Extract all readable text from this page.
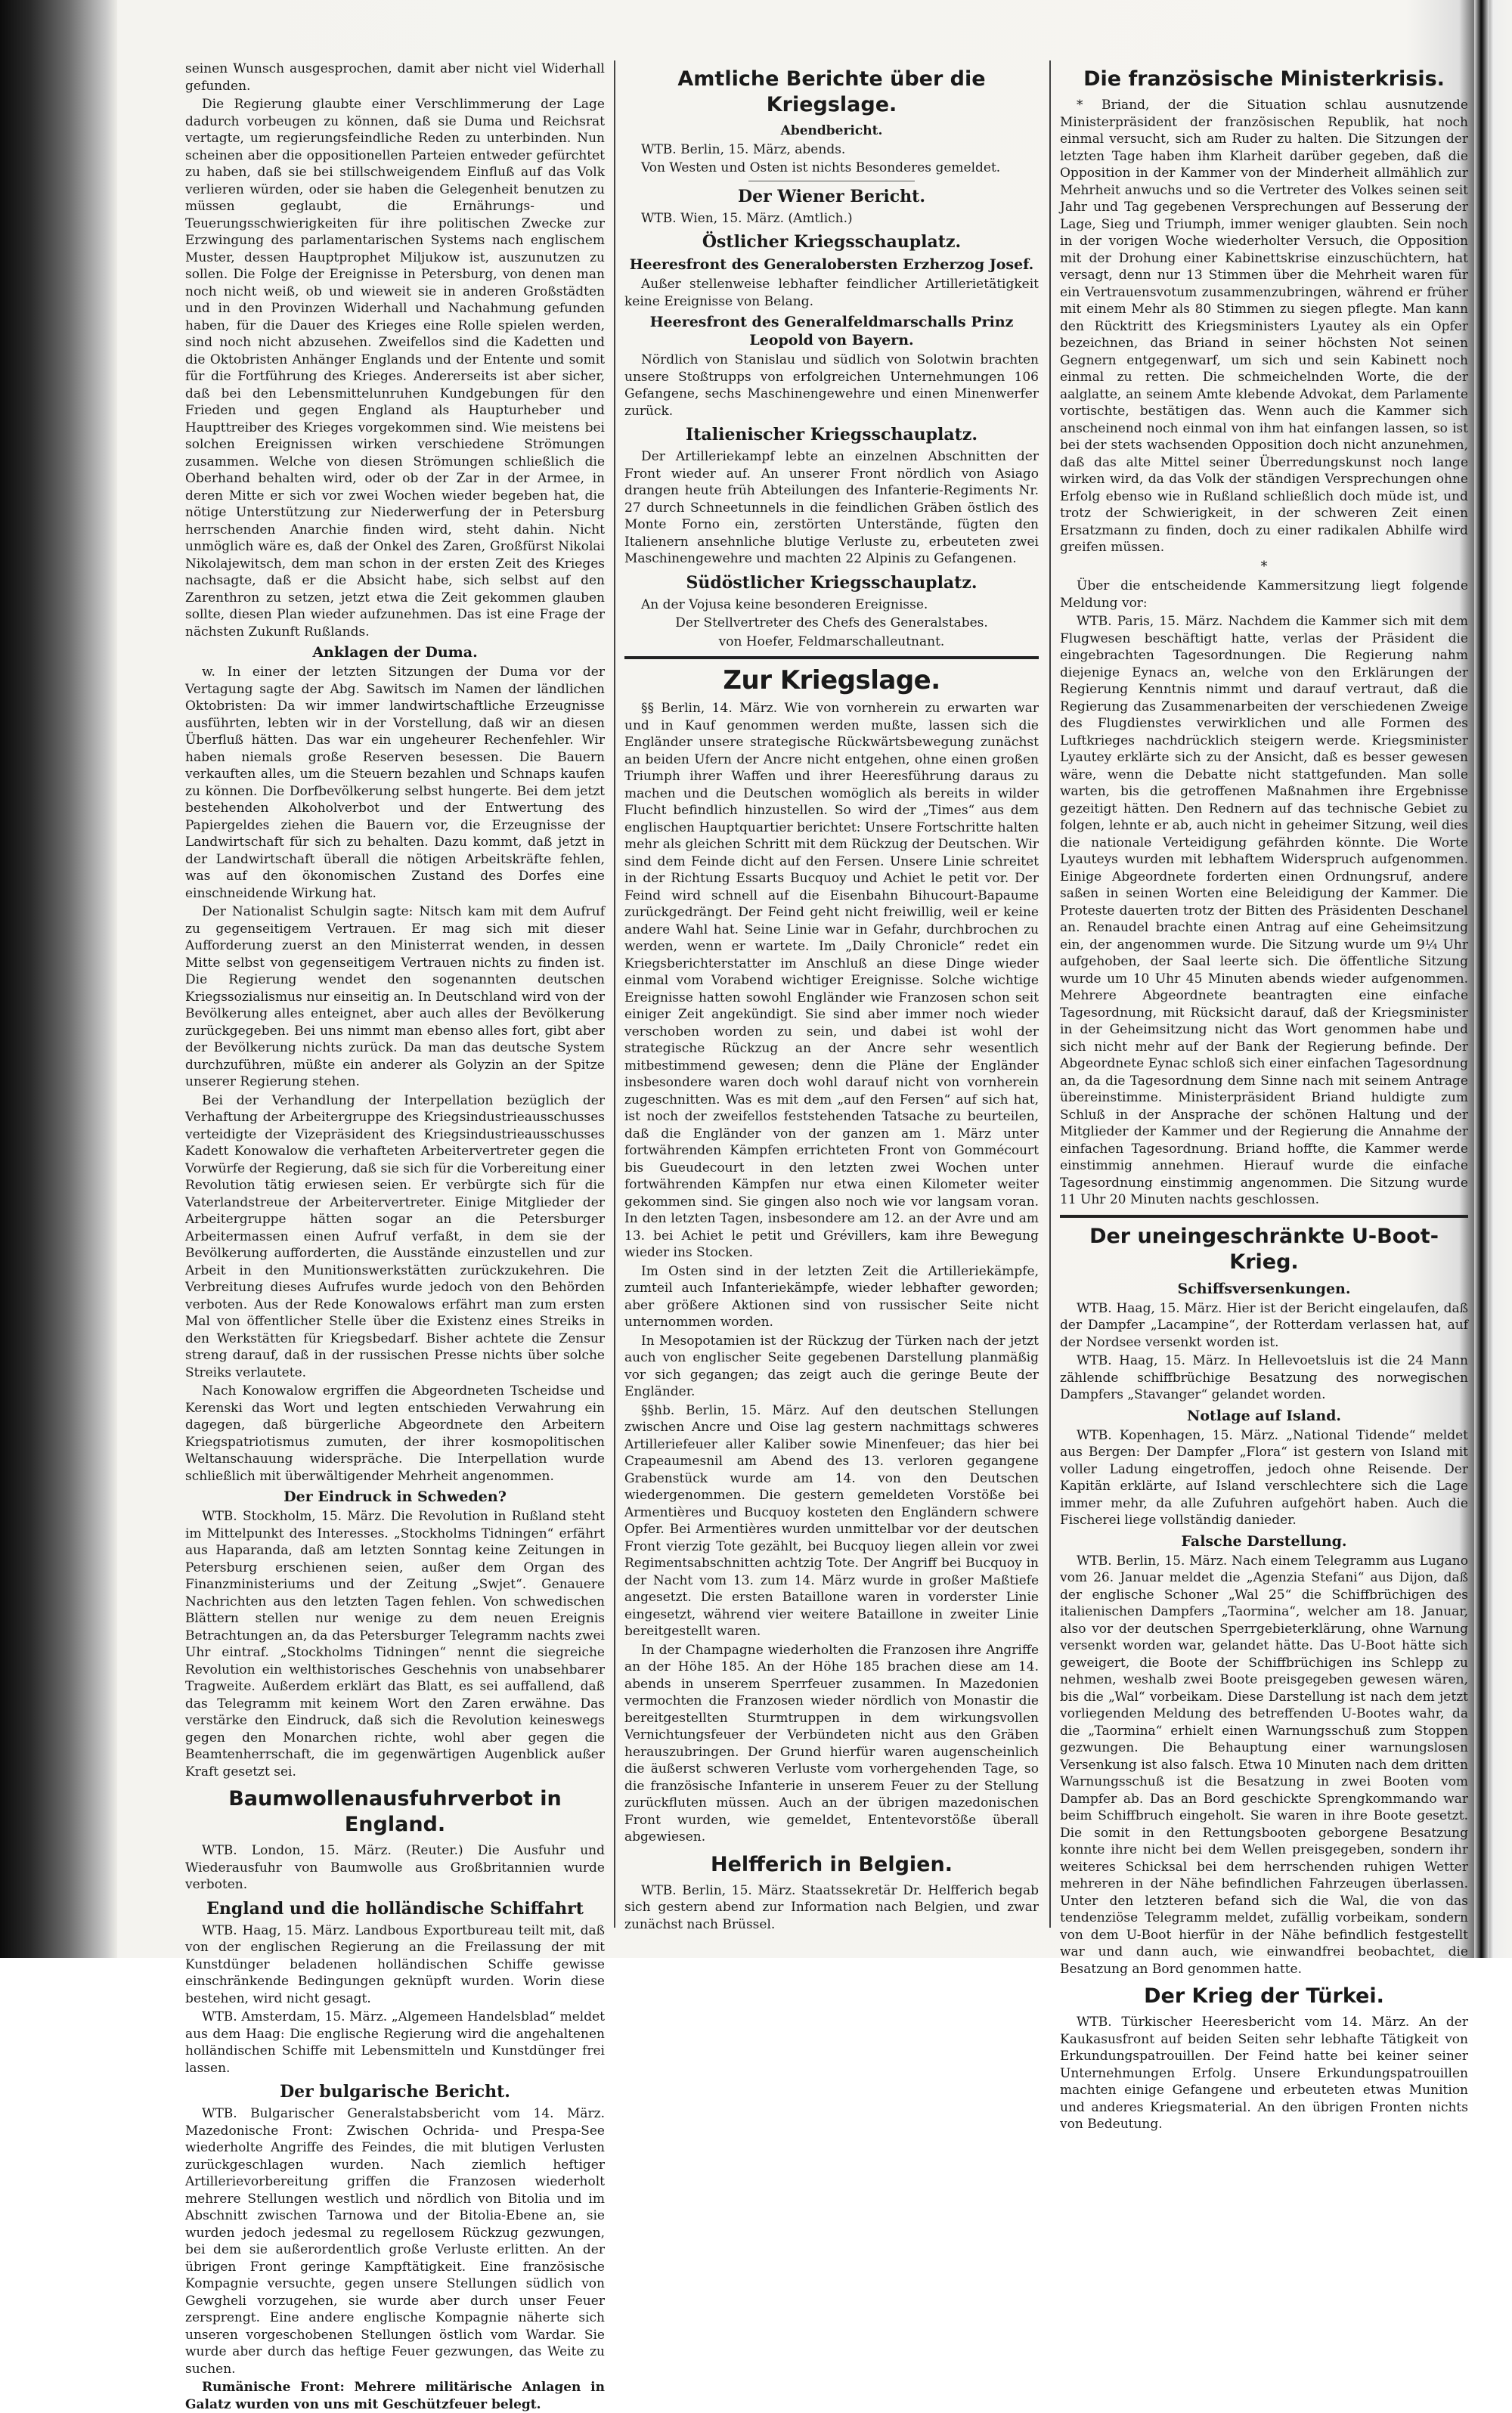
seinen Wunsch ausgesprochen, damit aber nicht viel Widerhall gefunden.

Die Regierung glaubte einer Verschlimmerung der Lage dadurch vorbeugen zu können, daß sie Duma und Reichsrat vertagte, um regierungsfeindliche Reden zu unterbinden. Nun scheinen aber die oppositionellen Parteien entweder gefürchtet zu haben, daß sie bei stillschweigendem Einfluß auf das Volk verlieren würden, oder sie haben die Gelegenheit benutzen zu müssen geglaubt, die Ernährungs- und Teuerungsschwierigkeiten für ihre politischen Zwecke zur Erzwingung des parlamentarischen Systems nach englischem Muster, dessen Hauptprophet Miljukow ist, auszunutzen zu sollen. Die Folge der Ereignisse in Petersburg, von denen man noch nicht weiß, ob und wieweit sie in anderen Großstädten und in den Provinzen Widerhall und Nachahmung gefunden haben, für die Dauer des Krieges eine Rolle spielen werden, sind noch nicht abzusehen. Zweifellos sind die Kadetten und die Oktobristen Anhänger Englands und der Entente und somit für die Fortführung des Krieges. Andererseits ist aber sicher, daß bei den Lebensmittelunruhen Kundgebungen für den Frieden und gegen England als Haupturheber und Haupttreiber des Krieges vorgekommen sind. Wie meistens bei solchen Ereignissen wirken verschiedene Strömungen zusammen. Welche von diesen Strömungen schließlich die Oberhand behalten wird, oder ob der Zar in der Armee, in deren Mitte er sich vor zwei Wochen wieder begeben hat, die nötige Unterstützung zur Niederwerfung der in Petersburg herrschenden Anarchie finden wird, steht dahin. Nicht unmöglich wäre es, daß der Onkel des Zaren, Großfürst Nikolai Nikolajewitsch, dem man schon in der ersten Zeit des Krieges nachsagte, daß er die Absicht habe, sich selbst auf den Zarenthron zu setzen, jetzt etwa die Zeit gekommen glauben sollte, diesen Plan wieder aufzunehmen. Das ist eine Frage der nächsten Zukunft Rußlands.

Anklagen der Duma.

w. In einer der letzten Sitzungen der Duma vor der Vertagung sagte der Abg. Sawitsch im Namen der ländlichen Oktobristen: Da wir immer landwirtschaftliche Erzeugnisse ausführten, lebten wir in der Vorstellung, daß wir an diesen Überfluß hätten. Das war ein ungeheurer Rechenfehler. Wir haben niemals große Reserven besessen. Die Bauern verkauften alles, um die Steuern bezahlen und Schnaps kaufen zu können. Die Dorfbevölkerung selbst hungerte. Bei dem jetzt bestehenden Alkoholverbot und der Entwertung des Papiergeldes ziehen die Bauern vor, die Erzeugnisse der Landwirtschaft für sich zu behalten. Dazu kommt, daß jetzt in der Landwirtschaft überall die nötigen Arbeitskräfte fehlen, was auf den ökonomischen Zustand des Dorfes eine einschneidende Wirkung hat.

Der Nationalist Schulgin sagte: Nitsch kam mit dem Aufruf zu gegenseitigem Vertrauen. Er mag sich mit dieser Aufforderung zuerst an den Ministerrat wenden, in dessen Mitte selbst von gegenseitigem Vertrauen nichts zu finden ist. Die Regierung wendet den sogenannten deutschen Kriegssozialismus nur einseitig an. In Deutschland wird von der Bevölkerung alles enteignet, aber auch alles der Bevölkerung zurückgegeben. Bei uns nimmt man ebenso alles fort, gibt aber der Bevölkerung nichts zurück. Da man das deutsche System durchzuführen, müßte ein anderer als Golyzin an der Spitze unserer Regierung stehen.

Bei der Verhandlung der Interpellation bezüglich der Verhaftung der Arbeitergruppe des Kriegsindustrieausschusses verteidigte der Vizepräsident des Kriegsindustrieausschusses Kadett Konowalow die verhafteten Arbeitervertreter gegen die Vorwürfe der Regierung, daß sie sich für die Vorbereitung einer Revolution tätig erwiesen seien. Er verbürgte sich für die Vaterlandstreue der Arbeitervertreter. Einige Mitglieder der Arbeitergruppe hätten sogar an die Petersburger Arbeitermassen einen Aufruf verfaßt, in dem sie der Bevölkerung aufforderten, die Ausstände einzustellen und zur Arbeit in den Munitionswerkstätten zurückzukehren. Die Verbreitung dieses Aufrufes wurde jedoch von den Behörden verboten. Aus der Rede Konowalows erfährt man zum ersten Mal von öffentlicher Stelle über die Existenz eines Streiks in den Werkstätten für Kriegsbedarf. Bisher achtete die Zensur streng darauf, daß in der russischen Presse nichts über solche Streiks verlautete.

Nach Konowalow ergriffen die Abgeordneten Tscheidse und Kerenski das Wort und legten entschieden Verwahrung ein dagegen, daß bürgerliche Abgeordnete den Arbeitern Kriegspatriotismus zumuten, der ihrer kosmopolitischen Weltanschauung widerspräche. Die Interpellation wurde schließlich mit überwältigender Mehrheit angenommen.

Der Eindruck in Schweden?

WTB. Stockholm, 15. März. Die Revolution in Rußland steht im Mittelpunkt des Interesses. „Stockholms Tidningen“ erfährt aus Haparanda, daß am letzten Sonntag keine Zeitungen in Petersburg erschienen seien, außer dem Organ des Finanzministeriums und der Zeitung „Swjet“. Genauere Nachrichten aus den letzten Tagen fehlen. Von schwedischen Blättern stellen nur wenige zu dem neuen Ereignis Betrachtungen an, da das Petersburger Telegramm nachts zwei Uhr eintraf. „Stockholms Tidningen“ nennt die siegreiche Revolution ein welthistorisches Geschehnis von unabsehbarer Tragweite. Außerdem erklärt das Blatt, es sei auffallend, daß das Telegramm mit keinem Wort den Zaren erwähne. Das verstärke den Eindruck, daß sich die Revolution keineswegs gegen den Monarchen richte, wohl aber gegen die Beamtenherrschaft, die im gegenwärtigen Augenblick außer Kraft gesetzt sei.

Baumwollenausfuhrverbot in England.

WTB. London, 15. März. (Reuter.) Die Ausfuhr und Wiederausfuhr von Baumwolle aus Großbritannien wurde verboten.

England und die holländische Schiffahrt

WTB. Haag, 15. März. Landbous Exportbureau teilt mit, daß von der englischen Regierung an die Freilassung der mit Kunstdünger beladenen holländischen Schiffe gewisse einschränkende Bedingungen geknüpft wurden. Worin diese bestehen, wird nicht gesagt.

WTB. Amsterdam, 15. März. „Algemeen Handelsblad“ meldet aus dem Haag: Die englische Regierung wird die angehaltenen holländischen Schiffe mit Lebensmitteln und Kunstdünger frei lassen.

Der bulgarische Bericht.

WTB. Bulgarischer Generalstabsbericht vom 14. März. Mazedonische Front: Zwischen Ochrida- und Prespa-See wiederholte Angriffe des Feindes, die mit blutigen Verlusten zurückgeschlagen wurden. Nach ziemlich heftiger Artillerievorbereitung griffen die Franzosen wiederholt mehrere Stellungen westlich und nördlich von Bitolia und im Abschnitt zwischen Tarnowa und der Bitolia-Ebene an, sie wurden jedoch jedesmal zu regellosem Rückzug gezwungen, bei dem sie außerordentlich große Verluste erlitten. An der übrigen Front geringe Kampftätigkeit. Eine französische Kompagnie versuchte, gegen unsere Stellungen südlich von Gewgheli vorzugehen, sie wurde aber durch unser Feuer zersprengt. Eine andere englische Kompagnie näherte sich unseren vorgeschobenen Stellungen östlich vom Wardar. Sie wurde aber durch das heftige Feuer gezwungen, das Weite zu suchen.

Rumänische Front: Mehrere militärische Anlagen in Galatz wurden von uns mit Geschützfeuer belegt.

Amtliche Berichte über die Kriegslage.

Abendbericht.

WTB. Berlin, 15. März, abends.

Von Westen und Osten ist nichts Besonderes gemeldet.

Der Wiener Bericht.

WTB. Wien, 15. März. (Amtlich.)

Östlicher Kriegsschauplatz.
Heeresfront des Generalobersten Erzherzog Josef.

Außer stellenweise lebhafter feindlicher Artillerietätigkeit keine Ereignisse von Belang.

Heeresfront des Generalfeldmarschalls Prinz Leopold von Bayern.

Nördlich von Stanislau und südlich von Solotwin brachten unsere Stoßtrupps von erfolgreichen Unternehmungen 106 Gefangene, sechs Maschinengewehre und einen Minenwerfer zurück.

Italienischer Kriegsschauplatz.

Der Artilleriekampf lebte an einzelnen Abschnitten der Front wieder auf. An unserer Front nördlich von Asiago drangen heute früh Abteilungen des Infanterie-Regiments Nr. 27 durch Schneetunnels in die feindlichen Gräben östlich des Monte Forno ein, zerstörten Unterstände, fügten den Italienern ansehnliche blutige Verluste zu, erbeuteten zwei Maschinengewehre und machten 22 Alpinis zu Gefangenen.

Südöstlicher Kriegsschauplatz.

An der Vojusa keine besonderen Ereignisse.

Der Stellvertreter des Chefs des Generalstabes.

von Hoefer, Feldmarschalleutnant.

Zur Kriegslage.

§§ Berlin, 14. März. Wie von vornherein zu erwarten war und in Kauf genommen werden mußte, lassen sich die Engländer unsere strategische Rückwärtsbewegung zunächst an beiden Ufern der Ancre nicht entgehen, ohne einen großen Triumph ihrer Waffen und ihrer Heeresführung daraus zu machen und die Deutschen womöglich als bereits in wilder Flucht befindlich hinzustellen. So wird der „Times“ aus dem englischen Hauptquartier berichtet: Unsere Fortschritte halten mehr als gleichen Schritt mit dem Rückzug der Deutschen. Wir sind dem Feinde dicht auf den Fersen. Unsere Linie schreitet in der Richtung Essarts Bucquoy und Achiet le petit vor. Der Feind wird schnell auf die Eisenbahn Bihucourt-Bapaume zurückgedrängt. Der Feind geht nicht freiwillig, weil er keine andere Wahl hat. Seine Linie war in Gefahr, durchbrochen zu werden, wenn er wartete. Im „Daily Chronicle“ redet ein Kriegsberichterstatter im Anschluß an diese Dinge wieder einmal vom Vorabend wichtiger Ereignisse. Solche wichtige Ereignisse hatten sowohl Engländer wie Franzosen schon seit einiger Zeit angekündigt. Sie sind aber immer noch wieder verschoben worden zu sein, und dabei ist wohl der strategische Rückzug an der Ancre sehr wesentlich mitbestimmend gewesen; denn die Pläne der Engländer insbesondere waren doch wohl darauf nicht von vornherein zugeschnitten. Was es mit dem „auf den Fersen“ auf sich hat, ist noch der zweifellos feststehenden Tatsache zu beurteilen, daß die Engländer von der ganzen am 1. März unter fortwährenden Kämpfen errichteten Front von Gommécourt bis Gueudecourt in den letzten zwei Wochen unter fortwährenden Kämpfen nur etwa einen Kilometer weiter gekommen sind. Sie gingen also noch wie vor langsam voran. In den letzten Tagen, insbesondere am 12. an der Avre und am 13. bei Achiet le petit und Grévillers, kam ihre Bewegung wieder ins Stocken.

Im Osten sind in der letzten Zeit die Artilleriekämpfe, zumteil auch Infanteriekämpfe, wieder lebhafter geworden; aber größere Aktionen sind von russischer Seite nicht unternommen worden.

In Mesopotamien ist der Rückzug der Türken nach der jetzt auch von englischer Seite gegebenen Darstellung planmäßig vor sich gegangen; das zeigt auch die geringe Beute der Engländer.

§§hb. Berlin, 15. März. Auf den deutschen Stellungen zwischen Ancre und Oise lag gestern nachmittags schweres Artilleriefeuer aller Kaliber sowie Minenfeuer; das hier bei Crapeaumesnil am Abend des 13. verloren gegangene Grabenstück wurde am 14. von den Deutschen wiedergenommen. Die gestern gemeldeten Vorstöße bei Armentières und Bucquoy kosteten den Engländern schwere Opfer. Bei Armentières wurden unmittelbar vor der deutschen Front vierzig Tote gezählt, bei Bucquoy liegen allein vor zwei Regimentsabschnitten achtzig Tote. Der Angriff bei Bucquoy in der Nacht vom 13. zum 14. März wurde in großer Maßtiefe angesetzt. Die ersten Bataillone waren in vorderster Linie eingesetzt, während vier weitere Bataillone in zweiter Linie bereitgestellt waren.

In der Champagne wiederholten die Franzosen ihre Angriffe an der Höhe 185. An der Höhe 185 brachen diese am 14. abends in unserem Sperrfeuer zusammen. In Mazedonien vermochten die Franzosen wieder nördlich von Monastir die bereitgestellten Sturmtruppen in dem wirkungsvollen Vernichtungsfeuer der Verbündeten nicht aus den Gräben herauszubringen. Der Grund hierfür waren augenscheinlich die äußerst schweren Verluste vom vorhergehenden Tage, so die französische Infanterie in unserem Feuer zu der Stellung zurückfluten müssen. Auch an der übrigen mazedonischen Front wurden, wie gemeldet, Ententevorstöße überall abgewiesen.

Helfferich in Belgien.

WTB. Berlin, 15. März. Staatssekretär Dr. Helfferich begab sich gestern abend zur Information nach Belgien, und zwar zunächst nach Brüssel.

Die französische Ministerkrisis.

* Briand, der die Situation schlau ausnutzende Ministerpräsident der französischen Republik, hat noch einmal versucht, sich am Ruder zu halten. Die Sitzungen der letzten Tage haben ihm Klarheit darüber gegeben, daß die Opposition in der Kammer von der Minderheit allmählich zur Mehrheit anwuchs und so die Vertreter des Volkes seinen seit Jahr und Tag gegebenen Versprechungen auf Besserung der Lage, Sieg und Triumph, immer weniger glaubten. Sein noch in der vorigen Woche wiederholter Versuch, die Opposition mit der Drohung einer Kabinettskrise einzuschüchtern, hat versagt, denn nur 13 Stimmen über die Mehrheit waren für ein Vertrauensvotum zusammenzubringen, während er früher mit einem Mehr als 80 Stimmen zu siegen pflegte. Man kann den Rücktritt des Kriegsministers Lyautey als ein Opfer bezeichnen, das Briand in seiner höchsten Not seinen Gegnern entgegenwarf, um sich und sein Kabinett noch einmal zu retten. Die schmeichelnden Worte, die der aalglatte, an seinem Amte klebende Advokat, dem Parlamente vortischte, bestätigen das. Wenn auch die Kammer sich anscheinend noch einmal von ihm hat einfangen lassen, so ist bei der stets wachsenden Opposition doch nicht anzunehmen, daß das alte Mittel seiner Überredungskunst noch lange wirken wird, da das Volk der ständigen Versprechungen ohne Erfolg ebenso wie in Rußland schließlich doch müde ist, und trotz der Schwierigkeit, in der schweren Zeit einen Ersatzmann zu finden, doch zu einer radikalen Abhilfe wird greifen müssen.

*

Über die entscheidende Kammersitzung liegt folgende Meldung vor:

WTB. Paris, 15. März. Nachdem die Kammer sich mit dem Flugwesen beschäftigt hatte, verlas der Präsident die eingebrachten Tagesordnungen. Die Regierung nahm diejenige Eynacs an, welche von den Erklärungen der Regierung Kenntnis nimmt und darauf vertraut, daß die Regierung das Zusammenarbeiten der verschiedenen Zweige des Flugdienstes verwirklichen und alle Formen des Luftkrieges nachdrücklich steigern werde. Kriegsminister Lyautey erklärte sich zu der Ansicht, daß es besser gewesen wäre, wenn die Debatte nicht stattgefunden. Man solle warten, bis die getroffenen Maßnahmen ihre Ergebnisse gezeitigt hätten. Den Rednern auf das technische Gebiet zu folgen, lehnte er ab, auch nicht in geheimer Sitzung, weil dies die nationale Verteidigung gefährden könnte. Die Worte Lyauteys wurden mit lebhaftem Widerspruch aufgenommen. Einige Abgeordnete forderten einen Ordnungsruf, andere saßen in seinen Worten eine Beleidigung der Kammer. Die Proteste dauerten trotz der Bitten des Präsidenten Deschanel an. Renaudel brachte einen Antrag auf eine Geheimsitzung ein, der angenommen wurde. Die Sitzung wurde um 9¼ Uhr aufgehoben, der Saal leerte sich. Die öffentliche Sitzung wurde um 10 Uhr 45 Minuten abends wieder aufgenommen. Mehrere Abgeordnete beantragten eine einfache Tagesordnung, mit Rücksicht darauf, daß der Kriegsminister in der Geheimsitzung nicht das Wort genommen habe und sich nicht mehr auf der Bank der Regierung befinde. Der Abgeordnete Eynac schloß sich einer einfachen Tagesordnung an, da die Tagesordnung dem Sinne nach mit seinem Antrage übereinstimme. Ministerpräsident Briand huldigte zum Schluß in der Ansprache der schönen Haltung und der Mitglieder der Kammer und der Regierung die Annahme der einfachen Tagesordnung. Briand hoffte, die Kammer werde einstimmig annehmen. Hierauf wurde die einfache Tagesordnung einstimmig angenommen. Die Sitzung wurde 11 Uhr 20 Minuten nachts geschlossen.

Der uneingeschränkte U-Boot-Krieg.
Schiffsversenkungen.

WTB. Haag, 15. März. Hier ist der Bericht eingelaufen, daß der Dampfer „Lacampine“, der Rotterdam verlassen hat, auf der Nordsee versenkt worden ist.

WTB. Haag, 15. März. In Hellevoetsluis ist die 24 Mann zählende schiffbrüchige Besatzung des norwegischen Dampfers „Stavanger“ gelandet worden.

Notlage auf Island.

WTB. Kopenhagen, 15. März. „National Tidende“ meldet aus Bergen: Der Dampfer „Flora“ ist gestern von Island mit voller Ladung eingetroffen, jedoch ohne Reisende. Der Kapitän erklärte, auf Island verschlechtere sich die Lage immer mehr, da alle Zufuhren aufgehört haben. Auch die Fischerei liege vollständig danieder.

Falsche Darstellung.

WTB. Berlin, 15. März. Nach einem Telegramm aus Lugano vom 26. Januar meldet die „Agenzia Stefani“ aus Dijon, daß der englische Schoner „Wal 25“ die Schiffbrüchigen des italienischen Dampfers „Taormina“, welcher am 18. Januar, also vor der deutschen Sperrgebieterklärung, ohne Warnung versenkt worden war, gelandet hätte. Das U-Boot hätte sich geweigert, die Boote der Schiffbrüchigen ins Schlepp zu nehmen, weshalb zwei Boote preisgegeben gewesen wären, bis die „Wal“ vorbeikam. Diese Darstellung ist nach dem jetzt vorliegenden Meldung des betreffenden U-Bootes wahr, da die „Taormina“ erhielt einen Warnungsschuß zum Stoppen gezwungen. Die Behauptung einer warnungslosen Versenkung ist also falsch. Etwa 10 Minuten nach dem dritten Warnungsschuß ist die Besatzung in zwei Booten vom Dampfer ab. Das an Bord geschickte Sprengkommando war beim Schiffbruch eingeholt. Sie waren in ihre Boote gesetzt. Die somit in den Rettungsbooten geborgene Besatzung konnte ihre nicht bei dem Wellen preisgegeben, sondern ihr weiteres Schicksal bei dem herrschenden ruhigen Wetter mehreren in der Nähe befindlichen Fahrzeugen überlassen. Unter den letzteren befand sich die Wal, die von das tendenziöse Telegramm meldet, zufällig vorbeikam, sondern von dem U-Boot hierfür in der Nähe befindlich festgestellt war und dann auch, wie einwandfrei beobachtet, die Besatzung an Bord genommen hatte.

Der Krieg der Türkei.

WTB. Türkischer Heeresbericht vom 14. März. An der Kaukasusfront auf beiden Seiten sehr lebhafte Tätigkeit von Erkundungspatrouillen. Der Feind hatte bei keiner seiner Unternehmungen Erfolg. Unsere Erkundungspatrouillen machten einige Gefangene und erbeuteten etwas Munition und anderes Kriegsmaterial. An den übrigen Fronten nichts von Bedeutung.
